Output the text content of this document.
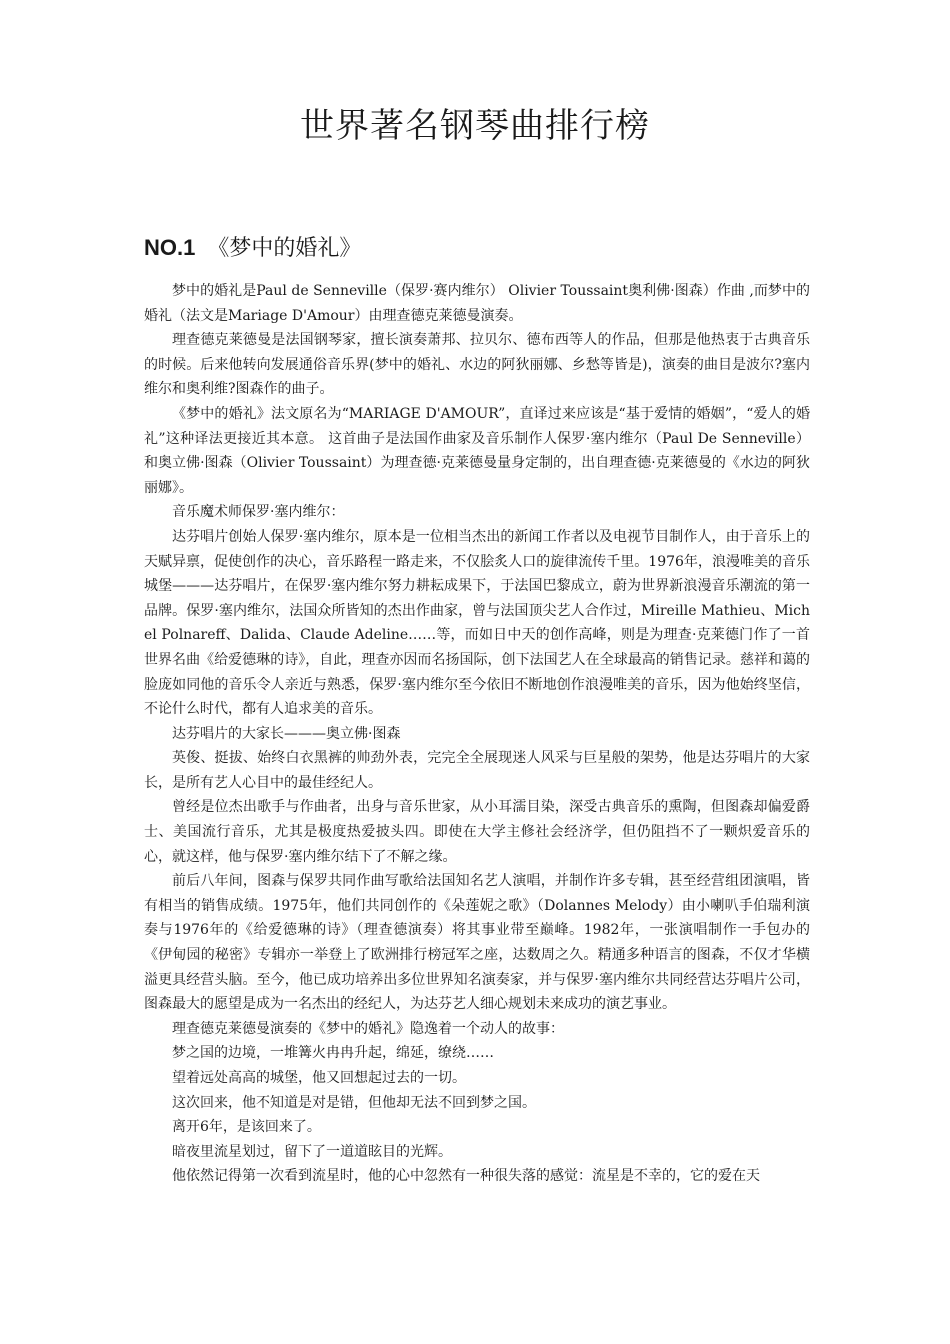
世界著名钢琴曲排行榜
NO.1 《梦中的婚礼》

梦中的婚礼是Paul de Senneville（保罗·赛内维尔） Olivier Toussaint奥利佛·图森）作曲 ,而梦中的婚礼（法文是Mariage D'Amour）由理查德克莱德曼演奏。

理查德克莱德曼是法国钢琴家，擅长演奏萧邦、拉贝尔、德布西等人的作品，但那是他热衷于古典音乐的时候。后来他转向发展通俗音乐界(梦中的婚礼、水边的阿狄丽娜、乡愁等皆是)，演奏的曲目是波尔?塞内维尔和奥利维?图森作的曲子。

《梦中的婚礼》法文原名为“MARIAGE D'AMOUR”，直译过来应该是“基于爱情的婚姻”，“爱人的婚礼”这种译法更接近其本意。 这首曲子是法国作曲家及音乐制作人保罗·塞内维尔（Paul De Senneville）和奥立佛·图森（Olivier Toussaint）为理查德·克莱德曼量身定制的，出自理查德·克莱德曼的《水边的阿狄丽娜》。

音乐魔术师保罗·塞内维尔：

达芬唱片创始人保罗·塞内维尔，原本是一位相当杰出的新闻工作者以及电视节目制作人，由于音乐上的天赋异禀，促使创作的决心，音乐路程一路走来，不仅脍炙人口的旋律流传千里。1976年，浪漫唯美的音乐城堡———达芬唱片，在保罗·塞内维尔努力耕耘成果下，于法国巴黎成立，蔚为世界新浪漫音乐潮流的第一品牌。保罗·塞内维尔，法国众所皆知的杰出作曲家，曾与法国顶尖艺人合作过，Mireille Mathieu、Michel Polnareff、Dalida、Claude Adeline……等，而如日中天的创作高峰，则是为理查·克莱德门作了一首世界名曲《给爱德琳的诗》，自此，理查亦因而名扬国际，创下法国艺人在全球最高的销售记录。慈祥和蔼的脸庞如同他的音乐令人亲近与熟悉，保罗·塞内维尔至今依旧不断地创作浪漫唯美的音乐，因为他始终坚信，不论什么时代，都有人追求美的音乐。

达芬唱片的大家长———奥立佛·图森

英俊、挺拔、始终白衣黑裤的帅劲外表，完完全全展现迷人风采与巨星般的架势，他是达芬唱片的大家长，是所有艺人心目中的最佳经纪人。

曾经是位杰出歌手与作曲者，出身与音乐世家，从小耳濡目染，深受古典音乐的熏陶，但图森却偏爱爵士、美国流行音乐，尤其是极度热爱披头四。即使在大学主修社会经济学，但仍阻挡不了一颗炽爱音乐的心，就这样，他与保罗·塞内维尔结下了不解之缘。

前后八年间，图森与保罗共同作曲写歌给法国知名艺人演唱，并制作许多专辑，甚至经营组团演唱，皆有相当的销售成绩。1975年，他们共同创作的《朵莲妮之歌》（Dolannes Melody）由小喇叭手伯瑞利演奏与1976年的《给爱德琳的诗》（理查德演奏）将其事业带至巅峰。1982年，一张演唱制作一手包办的《伊甸园的秘密》专辑亦一举登上了欧洲排行榜冠军之座，达数周之久。精通多种语言的图森，不仅才华横溢更具经营头脑。至今，他已成功培养出多位世界知名演奏家，并与保罗·塞内维尔共同经营达芬唱片公司，图森最大的愿望是成为一名杰出的经纪人，为达芬艺人细心规划未来成功的演艺事业。

理查德克莱德曼演奏的《梦中的婚礼》隐逸着一个动人的故事：

梦之国的边境，一堆篝火冉冉升起，绵延，缭绕……

望着远处高高的城堡，他又回想起过去的一切。

这次回来，他不知道是对是错，但他却无法不回到梦之国。

离开6年，是该回来了。

暗夜里流星划过，留下了一道道眩目的光辉。

他依然记得第一次看到流星时，他的心中忽然有一种很失落的感觉：流星是不幸的，它的爱在天
